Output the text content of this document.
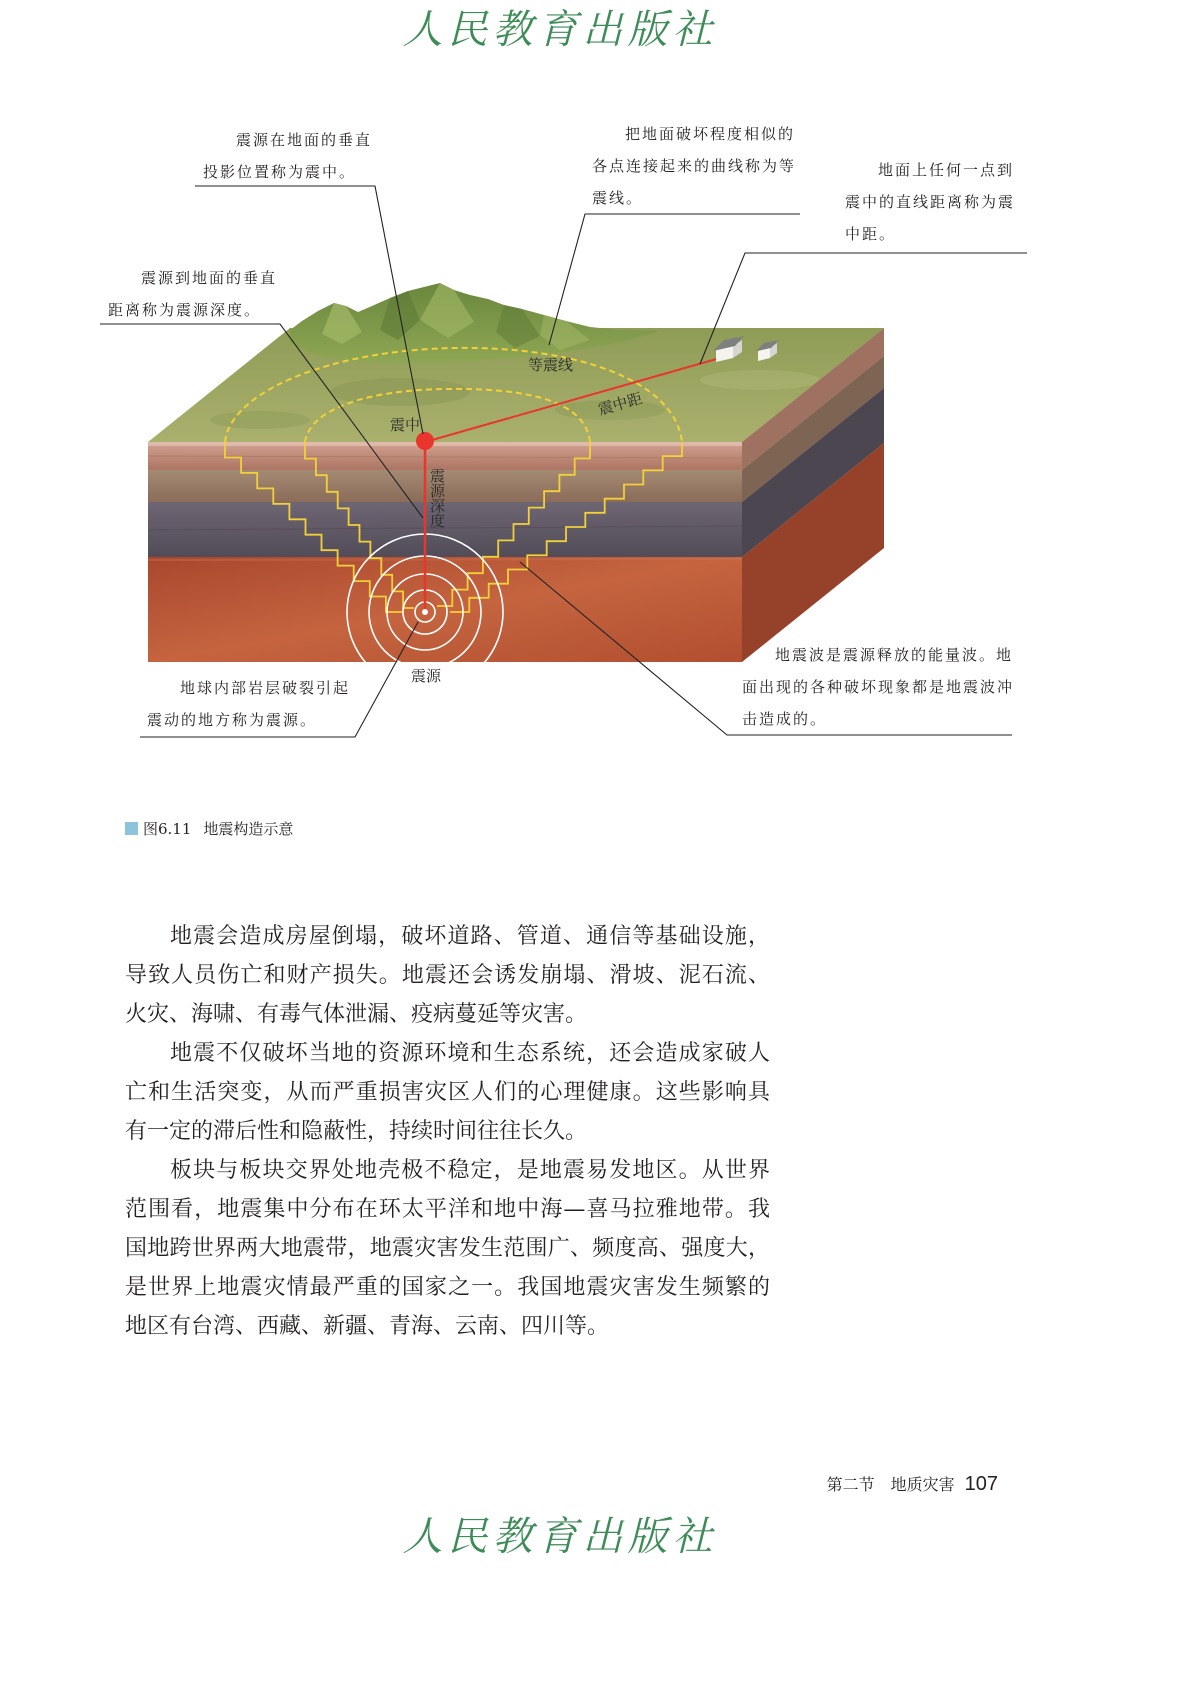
人民教育出版社
等震线
震中距
震中
震源
震源深度
震源在地面的垂直
投影位置称为震中。
把地面破坏程度相似的
各点连接起来的曲线称为等
震线。
地面上任何一点到
震中的直线距离称为震
中距。
震源到地面的垂直
距离称为震源深度。
地球内部岩层破裂引起
震动的地方称为震源。
地震波是震源释放的能量波。地
面出现的各种破坏现象都是地震波冲
击造成的。
图6.11 地震构造示意
地震会造成房屋倒塌，破坏道路、管道、通信等基础设施，
导致人员伤亡和财产损失。地震还会诱发崩塌、滑坡、泥石流、
火灾、海啸、有毒气体泄漏、疫病蔓延等灾害。
地震不仅破坏当地的资源环境和生态系统，还会造成家破人
亡和生活突变，从而严重损害灾区人们的心理健康。这些影响具
有一定的滞后性和隐蔽性，持续时间往往长久。
板块与板块交界处地壳极不稳定，是地震易发地区。从世界
范围看，地震集中分布在环太平洋和地中海—喜马拉雅地带。我
国地跨世界两大地震带，地震灾害发生范围广、频度高、强度大，
是世界上地震灾情最严重的国家之一。我国地震灾害发生频繁的
地区有台湾、西藏、新疆、青海、云南、四川等。
第二节 地质灾害 107
人民教育出版社
